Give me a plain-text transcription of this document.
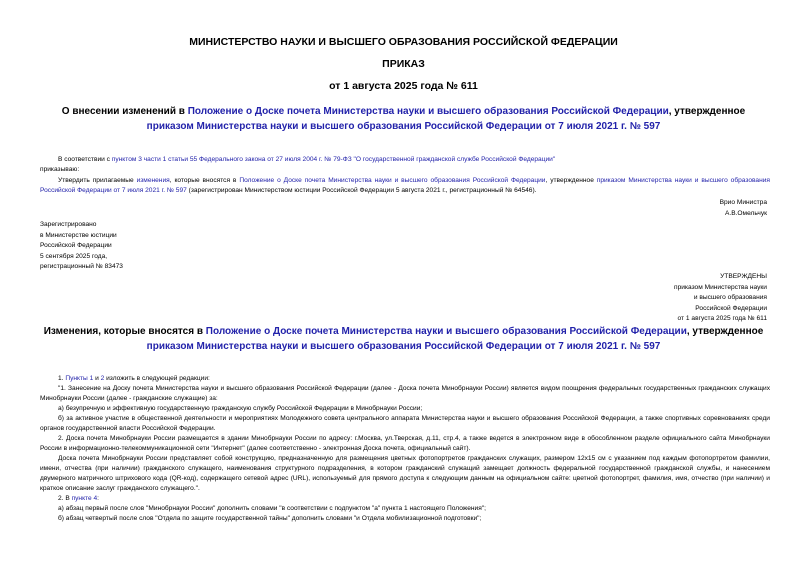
МИНИСТЕРСТВО НАУКИ И ВЫСШЕГО ОБРАЗОВАНИЯ РОССИЙСКОЙ ФЕДЕРАЦИИ
ПРИКАЗ
от 1 августа 2025 года № 611
О внесении изменений в Положение о Доске почета Министерства науки и высшего образования Российской Федерации, утвержденное приказом Министерства науки и высшего образования Российской Федерации от 7 июля 2021 г. № 597
В соответствии с пунктом 3 части 1 статьи 55 Федерального закона от 27 июля 2004 г. № 79-ФЗ "О государственной гражданской службе Российской Федерации"
приказываю:
Утвердить прилагаемые изменения, которые вносятся в Положение о Доске почета Министерства науки и высшего образования Российской Федерации, утвержденное приказом Министерства науки и высшего образования Российской Федерации от 7 июля 2021 г. № 597 (зарегистрирован Министерством юстиции Российской Федерации 5 августа 2021 г., регистрационный № 64546).
Врио Министра
А.В.Омельчук
Зарегистрировано
в Министерстве юстиции
Российской Федерации
5 сентября 2025 года,
регистрационный № 83473
УТВЕРЖДЕНЫ
приказом Министерства науки
и высшего образования
Российской Федерации
от 1 августа 2025 года № 611
Изменения, которые вносятся в Положение о Доске почета Министерства науки и высшего образования Российской Федерации, утвержденное приказом Министерства науки и высшего образования Российской Федерации от 7 июля 2021 г. № 597
1. Пункты 1 и 2 изложить в следующей редакции:
"1. Занесение на Доску почета Министерства науки и высшего образования Российской Федерации (далее - Доска почета Минобрнауки России) является видом поощрения федеральных государственных гражданских служащих Минобрнауки России (далее - гражданские служащие) за:
а) безупречную и эффективную государственную гражданскую службу Российской Федерации в Минобрнауки России;
б) за активное участие в общественной деятельности и мероприятиях Молодежного совета центрального аппарата Министерства науки и высшего образования Российской Федерации, а также спортивных соревнованиях среди органов государственной власти Российской Федерации.
2. Доска почета Минобрнауки России размещается в здании Минобрнауки России по адресу: г.Москва, ул.Тверская, д.11, стр.4, а также ведется в электронном виде в обособленном разделе официального сайта Минобрнауки России в информационно-телекоммуникационной сети "Интернет" (далее соответственно - электронная Доска почета, официальный сайт).
Доска почета Минобрнауки России представляет собой конструкцию, предназначенную для размещения цветных фотопортретов гражданских служащих, размером 12x15 см с указанием под каждым фотопортретом фамилии, имени, отчества (при наличии) гражданского служащего, наименования структурного подразделения, в котором гражданский служащий замещает должность федеральной государственной гражданской службы, и нанесением двумерного матричного штрихового кода (QR-код), содержащего сетевой адрес (URL), используемый для прямого доступа к следующим данным на официальном сайте: цветной фотопортрет, фамилия, имя, отчество (при наличии) и краткое описание заслуг гражданского служащего.".
2. В пункте 4:
а) абзац первый после слов "Минобрнауки России" дополнить словами "в соответствии с подпунктом "а" пункта 1 настоящего Положения";
б) абзац четвертый после слов "Отдела по защите государственной тайны" дополнить словами "и Отдела мобилизационной подготовки";
